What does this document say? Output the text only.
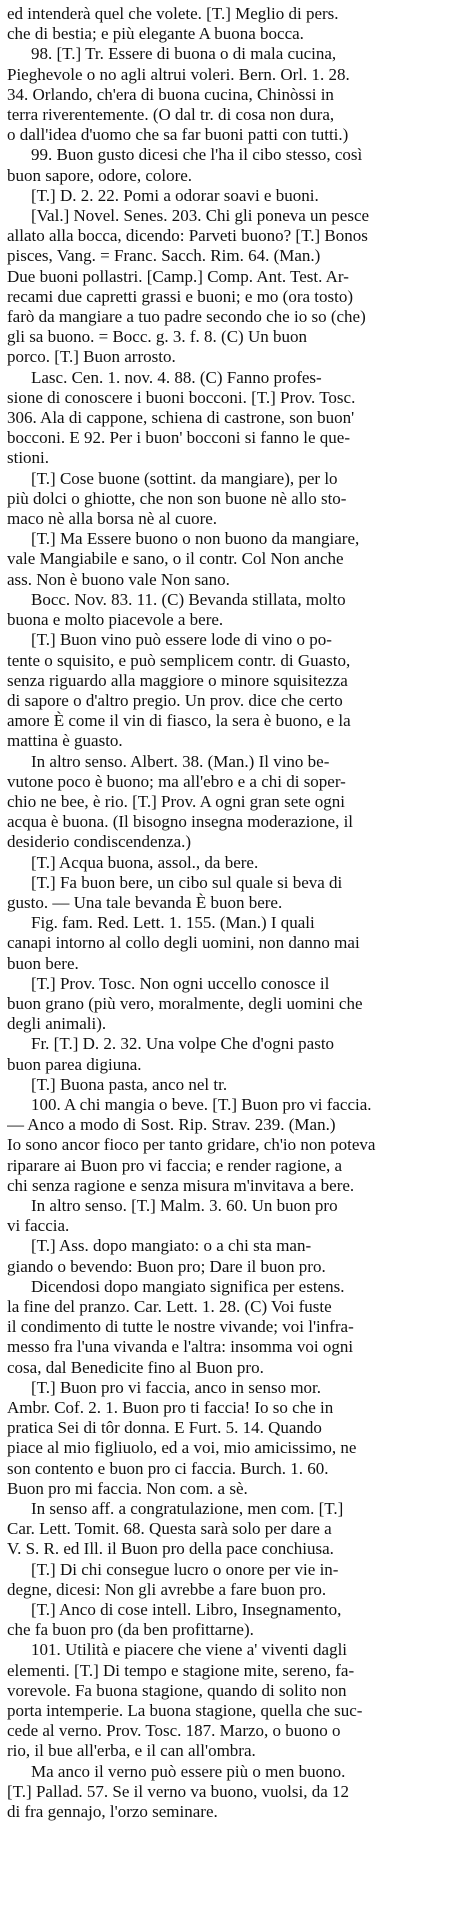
ed intenderà quel che volete. [T.] Meglio di pers.
che di bestia; e più elegante A buona bocca.
98. [T.] Tr. Essere di buona o di mala cucina,
Pieghevole o no agli altrui voleri. Bern. Orl. 1. 28.
34. Orlando, ch'era di buona cucina, Chinòssi in
terra riverentemente. (O dal tr. di cosa non dura,
o dall'idea d'uomo che sa far buoni patti con tutti.)
99. Buon gusto dicesi che l'ha il cibo stesso, così
buon sapore, odore, colore.
[T.] D. 2. 22. Pomi a odorar soavi e buoni.
[Val.] Novel. Senes. 203. Chi gli poneva un pesce
allato alla bocca, dicendo: Parveti buono? [T.] Bonos
pisces, Vang. = Franc. Sacch. Rim. 64. (Man.)
Due buoni pollastri. [Camp.] Comp. Ant. Test. Ar-
recami due capretti grassi e buoni; e mo (ora tosto)
farò da mangiare a tuo padre secondo che io so (che)
gli sa buono. = Bocc. g. 3. f. 8. (C) Un buon
porco. [T.] Buon arrosto.
Lasc. Cen. 1. nov. 4. 88. (C) Fanno profes-
sione di conoscere i buoni bocconi. [T.] Prov. Tosc.
306. Ala di cappone, schiena di castrone, son buon'
bocconi. E 92. Per i buon' bocconi si fanno le que-
stioni.
[T.] Cose buone (sottint. da mangiare), per lo
più dolci o ghiotte, che non son buone nè allo sto-
maco nè alla borsa nè al cuore.
[T.] Ma Essere buono o non buono da mangiare,
vale Mangiabile e sano, o il contr. Col Non anche
ass. Non è buono vale Non sano.
Bocc. Nov. 83. 11. (C) Bevanda stillata, molto
buona e molto piacevole a bere.
[T.] Buon vino può essere lode di vino o po-
tente o squisito, e può semplicem contr. di Guasto,
senza riguardo alla maggiore o minore squisitezza
di sapore o d'altro pregio. Un prov. dice che certo
amore È come il vin di fiasco, la sera è buono, e la
mattina è guasto.
In altro senso. Albert. 38. (Man.) Il vino be-
vutone poco è buono; ma all'ebro e a chi di soper-
chio ne bee, è rio. [T.] Prov. A ogni gran sete ogni
acqua è buona. (Il bisogno insegna moderazione, il
desiderio condiscendenza.)
[T.] Acqua buona, assol., da bere.
[T.] Fa buon bere, un cibo sul quale si beva di
gusto. — Una tale bevanda È buon bere.
Fig. fam. Red. Lett. 1. 155. (Man.) I quali
canapi intorno al collo degli uomini, non danno mai
buon bere.
[T.] Prov. Tosc. Non ogni uccello conosce il
buon grano (più vero, moralmente, degli uomini che
degli animali).
Fr. [T.] D. 2. 32. Una volpe Che d'ogni pasto
buon parea digiuna.
[T.] Buona pasta, anco nel tr.
100. A chi mangia o beve. [T.] Buon pro vi faccia.
— Anco a modo di Sost. Rip. Strav. 239. (Man.)
Io sono ancor fioco per tanto gridare, ch'io non poteva
riparare ai Buon pro vi faccia; e render ragione, a
chi senza ragione e senza misura m'invitava a bere.
In altro senso. [T.] Malm. 3. 60. Un buon pro
vi faccia.
[T.] Ass. dopo mangiato: o a chi sta man-
giando o bevendo: Buon pro; Dare il buon pro.
Dicendosi dopo mangiato significa per estens.
la fine del pranzo. Car. Lett. 1. 28. (C) Voi fuste
il condimento di tutte le nostre vivande; voi l'infra-
messo fra l'una vivanda e l'altra: insomma voi ogni
cosa, dal Benedicite fino al Buon pro.
[T.] Buon pro vi faccia, anco in senso mor.
Ambr. Cof. 2. 1. Buon pro ti faccia! Io so che in
pratica Sei di tôr donna. E Furt. 5. 14. Quando
piace al mio figliuolo, ed a voi, mio amicissimo, ne
son contento e buon pro ci faccia. Burch. 1. 60.
Buon pro mi faccia. Non com. a sè.
In senso aff. a congratulazione, men com. [T.]
Car. Lett. Tomit. 68. Questa sarà solo per dare a
V. S. R. ed Ill. il Buon pro della pace conchiusa.
[T.] Di chi consegue lucro o onore per vie in-
degne, dicesi: Non gli avrebbe a fare buon pro.
[T.] Anco di cose intell. Libro, Insegnamento,
che fa buon pro (da ben profittarne).
101. Utilità e piacere che viene a' viventi dagli
elementi. [T.] Di tempo e stagione mite, sereno, fa-
vorevole. Fa buona stagione, quando di solito non
porta intemperie. La buona stagione, quella che suc-
cede al verno. Prov. Tosc. 187. Marzo, o buono o
rio, il bue all'erba, e il can all'ombra.
Ma anco il verno può essere più o men buono.
[T.] Pallad. 57. Se il verno va buono, vuolsi, da 12
di fra gennajo, l'orzo seminare.
